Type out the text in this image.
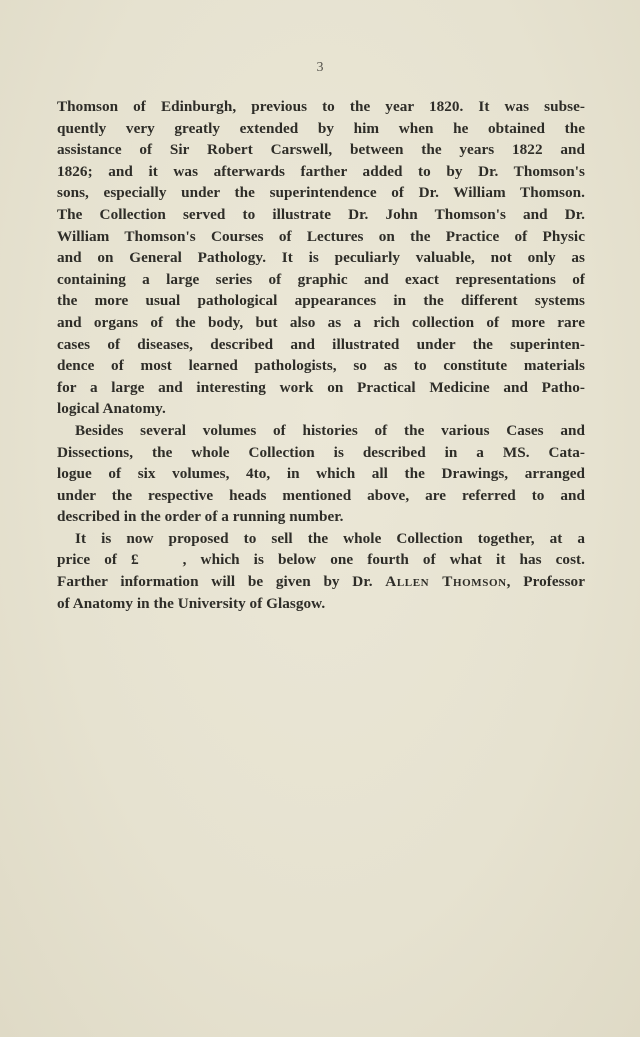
3
Thomson of Edinburgh, previous to the year 1820. It was subse-
quently very greatly extended by him when he obtained the
assistance of Sir Robert Carswell, between the years 1822 and
1826; and it was afterwards farther added to by Dr. Thomson's
sons, especially under the superintendence of Dr. William Thomson.
The Collection served to illustrate Dr. John Thomson's and Dr.
William Thomson's Courses of Lectures on the Practice of Physic
and on General Pathology. It is peculiarly valuable, not only as
containing a large series of graphic and exact representations of
the more usual pathological appearances in the different systems
and organs of the body, but also as a rich collection of more rare
cases of diseases, described and illustrated under the superinten-
dence of most learned pathologists, so as to constitute materials
for a large and interesting work on Practical Medicine and Patho-
logical Anatomy.
Besides several volumes of histories of the various Cases and
Dissections, the whole Collection is described in a MS. Cata-
logue of six volumes, 4to, in which all the Drawings, arranged
under the respective heads mentioned above, are referred to and
described in the order of a running number.
It is now proposed to sell the whole Collection together, at a
price of £	, which is below one fourth of what it has cost.
Farther information will be given by Dr. Allen Thomson, Professor
of Anatomy in the University of Glasgow.
